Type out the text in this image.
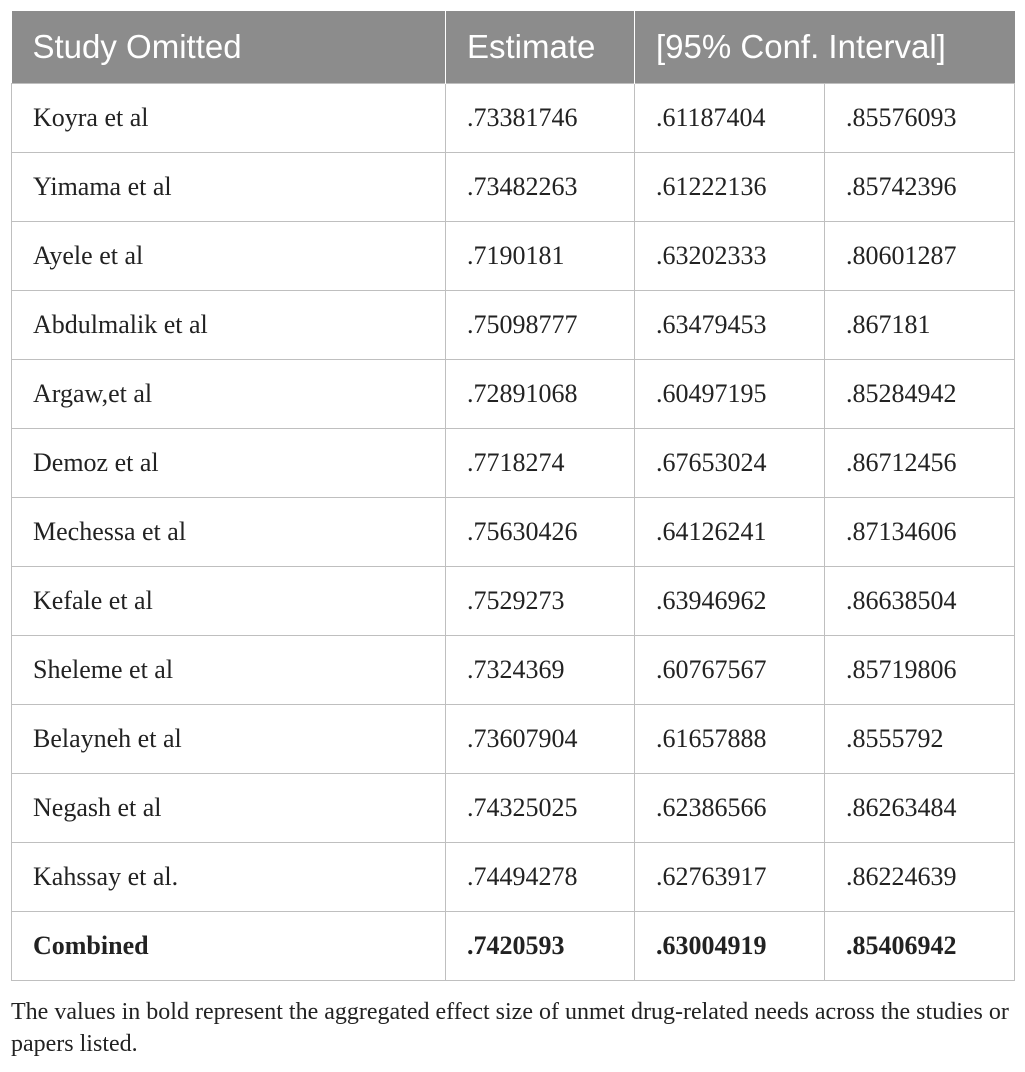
Study Omitted	Estimate	[95% Conf. Interval]	
Koyra et al	.73381746	.61187404	.85576093
Yimama et al	.73482263	.61222136	.85742396
Ayele et al	.7190181	.63202333	.80601287
Abdulmalik et al	.75098777	.63479453	.867181
Argaw,et al	.72891068	.60497195	.85284942
Demoz et al	.7718274	.67653024	.86712456
Mechessa et al	.75630426	.64126241	.87134606
Kefale et al	.7529273	.63946962	.86638504
Sheleme et al	.7324369	.60767567	.85719806
Belayneh et al	.73607904	.61657888	.8555792
Negash et al	.74325025	.62386566	.86263484
Kahssay et al.	.74494278	.62763917	.86224639
Combined	.7420593	.63004919	.85406942
The values in bold represent the aggregated effect size of unmet drug-related needs across the studies or papers listed.
